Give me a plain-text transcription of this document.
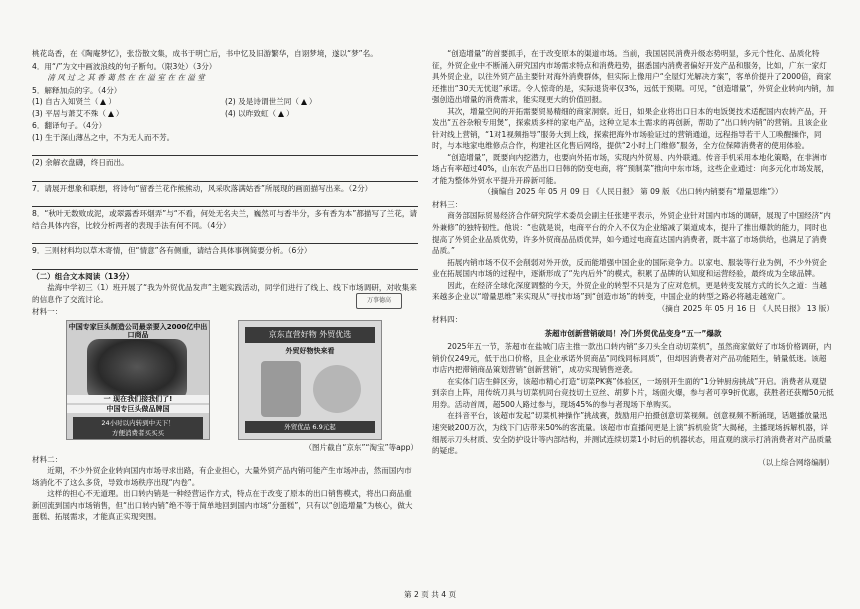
桃花岛香，在《陶庵梦忆》，张岱散文集，成书于明亡后，书中忆及旧游繁华，自诩梦境，遂以“梦”名。

4．用“/”为文中画波浪线的句子断句。（限3处）（3分）

清 风 过 之 其 香 蔼 然 在 在 溢 室 在 在 溢 堂

5．解释加点的字。（4分）

(1) 自古入知贤兰（ ）	(2) 及是诗谓世兰同（ ）
(3) 平居与萧艾不殊（ ）	(4) 以昨致虹（ ）

6．翻译句子。（4分）

(1) 生于深山薄丛之中，不为无人而不芳。

(2) 余解衣盘礴，终日而出。

7．请展开想象和联想，将诗句“留香兰花作熊熊动，风采吹落满姑香”所展现的画面描写出来。（2分）

8．“秋叶无数败成泥，或翠露香环烟弄”与“不看，何处无名夫兰，巍然可与香半分，多有香为本”都描写了兰花，请结合具体内容，比较分析两者的表现手法有何不同。（4分）

9．三则材料均以草木寄情，但“情意”各有侧重，请结合具体事例简要分析。（6分）

（二）组合文本阅读（13分）

盐海中学初三（1）班开展了“我为外贸优品发声”主题实践活动，同学们进行了线上、线下市场调研，对收集来的信息作了交流讨论。

材料一：

中国专家巨头制造公司最亲要入2000亿中出口商品
一 现在我们接我们了!
中国专巨头做品牌国
24小时以内转到中天下！
方便消费者买买买
京东直营好物 外贸优选
外贸好物快来看
外贸优品 6.9元起

（图片截自“京东”“淘宝”等app）

材料二：

近期，不少外贸企业转向国内市场寻求出路，有企业担心，大量外贸产品内销可能产生市场冲击，然而国内市场消化不了这么多货，导致市场秩序出现“内卷”。

这样的担心不无道理。出口转内销是一种经营运作方式，特点在于改变了原本的出口销售模式，将出口商品重新回流到国内市场销售，但“出口转内销”绝不等于简单地回到国内市场“分蛋糕”，只有以“创造增量”为核心，做大蛋糕、拓展需求，才能真正实现突围。

万事德高

“创造增量”的首要抓手，在于改变原本的渠道市场。当前，我国居民消费升级态势明显，多元个性化、品质化特征，外贸企业中不断涌入研究国内市场需求特点和消费趋势，据悉国内消费者偏好开发产品和服务，比如，广东一家灯具外贸企业，以往外贸产品主要针对海外消费群体，但实际上像用户“全屋灯光解决方案”，客单价提升了2000倍，商家还推出“30天无忧退”承诺。令人惊奇的是，实际退货率仅3%，远低于预期。可见，“创造增量”，外贸企业转向内销，加强创造出增量的消费需求，能实现更大的价值回报。

其次，增量空间的开拓需要贸易精细的商家洞察。近日，如果企业将出口日本的电饭煲技术适配国内农转产品，开发出“五谷杂粮专用煲”，探索质多样的家电产品，这种立足本土需求的再创新，帮助了“出口转内销”的营销。且该企业针对线上营销，“1对1视频指导”服务大到上线，探索把海外市场验证过的营销通道，远程指导若干人工唤醒操作，同时，与本地家电维修点合作，构建社区化售后网络，提供“2小时上门维修”服务，全方位保障消费者的使用体验。

“创造增量”，既要向内挖潜力，也要向外拓市场，实现内外贸易、内外联通。传音手机采用本地化策略，在非洲市场占有率超过40%，山东农产品出口日韩的防变电商，将“预制菜”推向中东市场，这些企业通过：向多元化市场发展，才能为整体外贸水平提升开辟新可能。

（摘编自 2025 年 05 月 09 日 《人民日报》 第 09 版 《出口转内销要有“增量思维”》）

材料三：

商务部国际贸易经济合作研究院学术委员会副主任张建平表示，外贸企业针对国内市场的调研，展现了中国经济“内外兼修”的独特韧性。他说：“也就是说，电商平台的介入不仅为企业缩减了渠道成本，提升了推出爆款的能力，同时也提高了外贸企业品质优势，许多外贸商品品质优异，如今通过电商直达国内消费者，既丰富了市场供给，也满足了消费品质。”

拓展内销市场不仅不会削弱对外开放，反而能增强中国企业的国际竞争力。以家电、服装等行业为例，不少外贸企业在拓展国内市场的过程中，逐渐形成了“先内后外”的模式，积累了品牌的认知度和运营经验，最终成为全球品牌。

因此，在经济全球化深度调整的今天，外贸企业的转型不只是为了应对危机，更是转变发展方式的长久之道：当越来越多企业以“增量思维”来实现从“寻找市场”到“创造市场”的转变，中国企业的转型之路必将越走越宽广。

（摘自 2025 年 05 月 16 日 《人民日报》 13 版）

材料四：

茶超市创新营销破局！冷门外贸优品变身“五一”爆款

2025年五一节，茶超市在盐城门店主推一款出口转内销“多刀头全自动切菜机”，虽然商家做好了市场价格调研，内销价仅249元，低于出口价格，且企业承诺外贸商品“同线同标同质”，但却因消费者对产品功能陌生，销量低迷。该超市店内把滞销商品策划营销“创新营销”，成功实现销售逆袭。

在实体门店生鲜区旁，该超市精心打造“切菜PK赛”体验区，一场别开生面的“1分钟厨房挑战”开启。消费者从观望到亲自上阵，用传统刀具与切菜机同台竞技切土豆丝、胡萝卜片，场面火爆，参与者可享9折优惠，获胜者还获赠50元抵用券。活动首周，超500人路过参与，现场45%的参与者现场下单购买。

在抖音平台，该超市发起“切菜机神操作”挑战赛，鼓励用户拍摄创意切菜视频。创意视频不断涌现，话题播放量迅速突破200万次，为线下门店带来50%的客流量。该超市市直播间更是上演“拆机验货”大揭秘，主播现场拆解机器，详细展示刀头材质、安全防护设计等内部结构，并测试连续切菜1小时后的机器状态，用直观的演示打消消费者对产品质量的疑虑。

（以上综合网络编制）

第 2 页 共 4 页
